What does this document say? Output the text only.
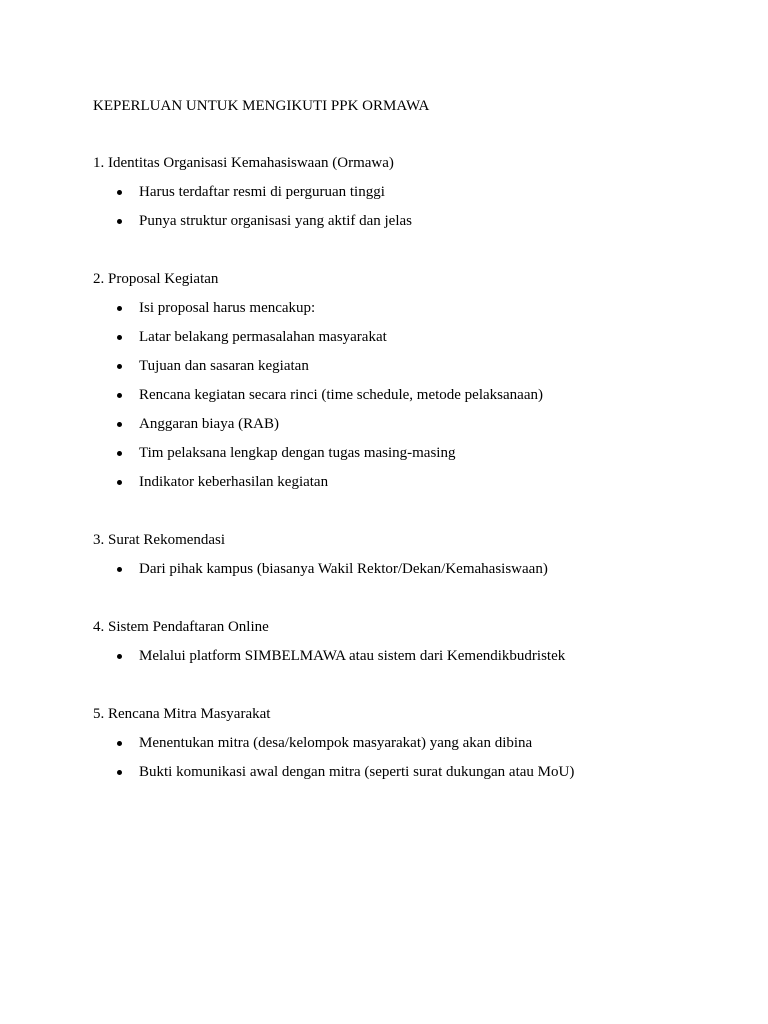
KEPERLUAN UNTUK MENGIKUTI PPK ORMAWA
1. Identitas Organisasi Kemahasiswaan (Ormawa)
Harus terdaftar resmi di perguruan tinggi
Punya struktur organisasi yang aktif dan jelas
2. Proposal Kegiatan
Isi proposal harus mencakup:
Latar belakang permasalahan masyarakat
Tujuan dan sasaran kegiatan
Rencana kegiatan secara rinci (time schedule, metode pelaksanaan)
Anggaran biaya (RAB)
Tim pelaksana lengkap dengan tugas masing-masing
Indikator keberhasilan kegiatan
3. Surat Rekomendasi
Dari pihak kampus (biasanya Wakil Rektor/Dekan/Kemahasiswaan)
4. Sistem Pendaftaran Online
Melalui platform SIMBELMAWA atau sistem dari Kemendikbudristek
5. Rencana Mitra Masyarakat
Menentukan mitra (desa/kelompok masyarakat) yang akan dibina
Bukti komunikasi awal dengan mitra (seperti surat dukungan atau MoU)
